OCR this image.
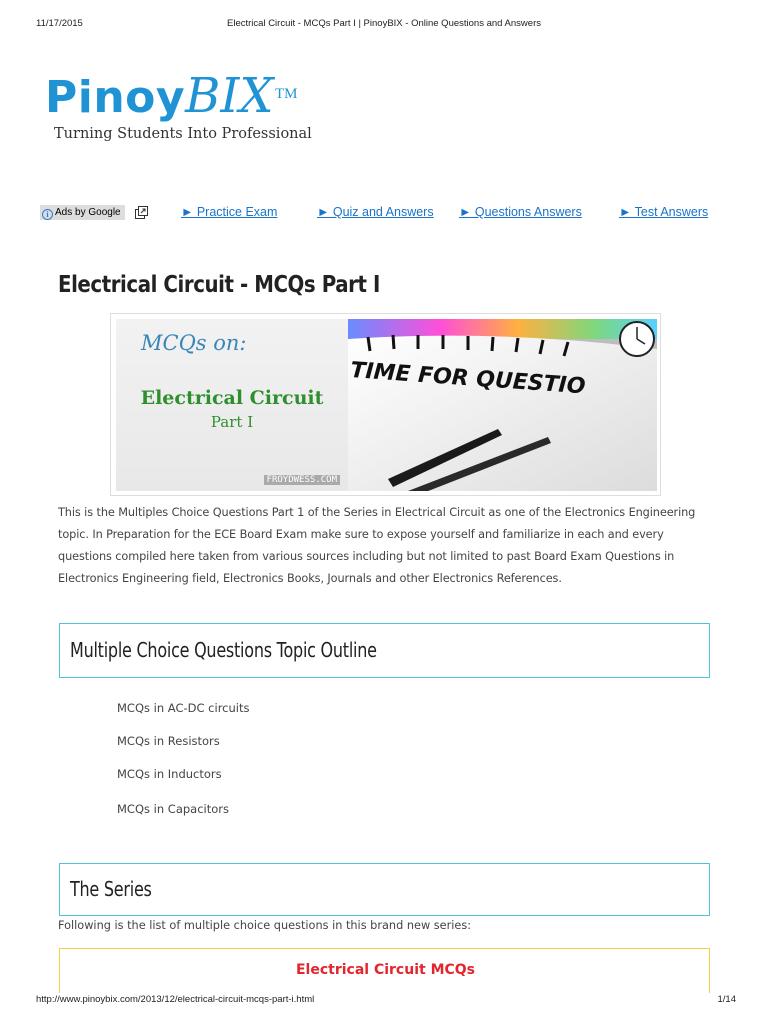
11/17/2015	Electrical Circuit - MCQs Part I | PinoyBIX - Online Questions and Answers
PinoyBIX TM
Turning Students Into Professional
i Ads by Google	► Practice Exam	► Quiz and Answers ► Questions Answers	► Test Answers
Electrical Circuit - MCQs Part I
MCQs on:
Electrical Circuit
Part I
FROYDWESS.COM
TIME FOR QUESTIO

This is the Multiples Choice Questions Part 1 of the Series in Electrical Circuit as one of the Electronics Engineering topic. In Preparation for the ECE Board Exam make sure to expose yourself and familiarize in each and every questions compiled here taken from various sources including but not limited to past Board Exam Questions in Electronics Engineering field, Electronics Books, Journals and other Electronics References.

Multiple Choice Questions Topic Outline
MCQs in AC-DC circuits
MCQs in Resistors
MCQs in Inductors
MCQs in Capacitors
The Series

Following is the list of multiple choice questions in this brand new series:

Electrical Circuit MCQs
http://www.pinoybix.com/2013/12/electrical-circuit-mcqs-part-i.html	1/14
